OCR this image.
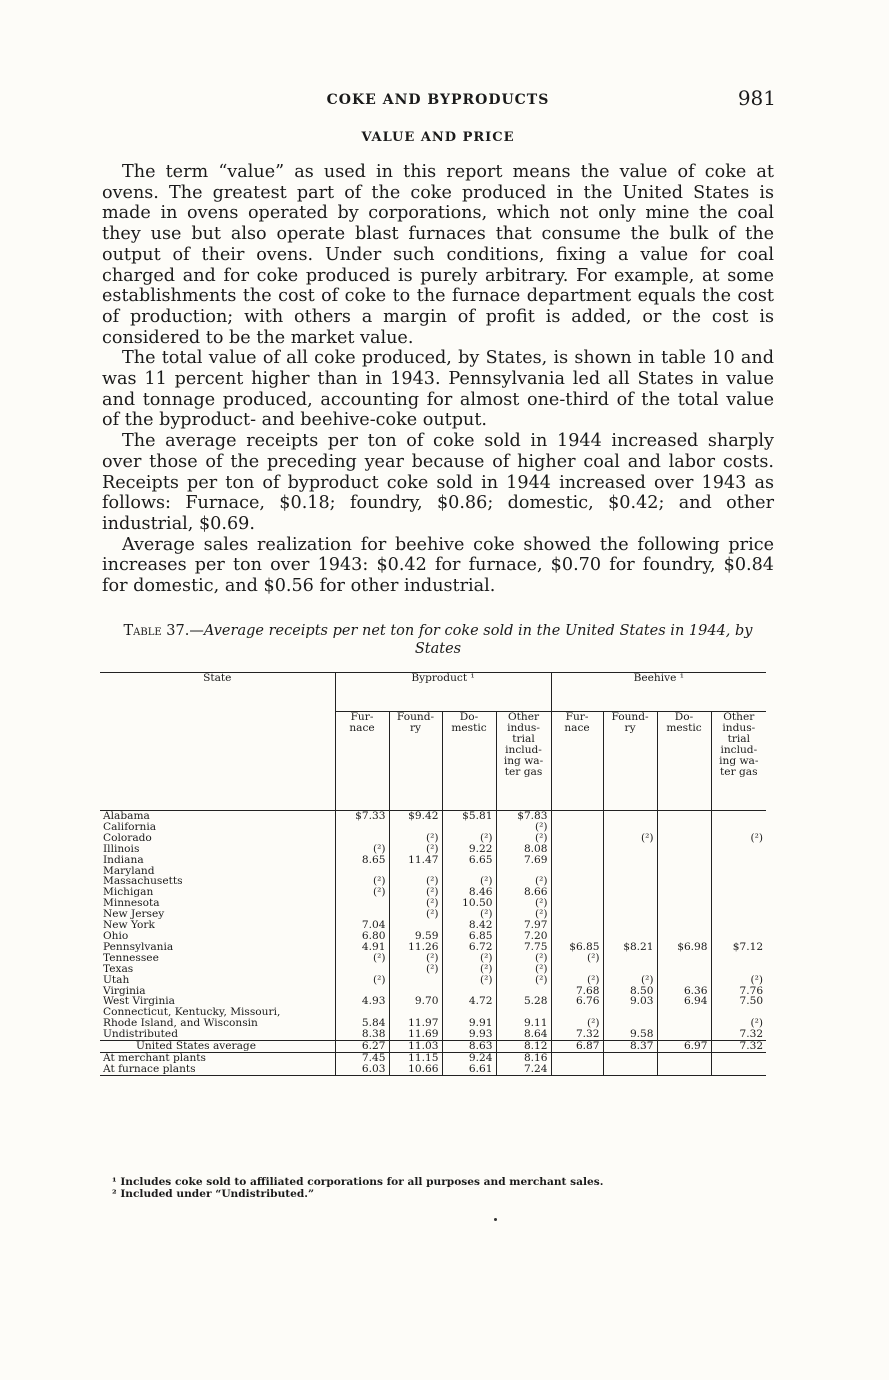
COKE AND BYPRODUCTS	981
VALUE AND PRICE

The term “value” as used in this report means the value of coke at ovens. The greatest part of the coke produced in the United States is made in ovens operated by corporations, which not only mine the coal they use but also operate blast furnaces that consume the bulk of the output of their ovens. Under such conditions, fixing a value for coal charged and for coke produced is purely arbitrary. For example, at some establishments the cost of coke to the furnace department equals the cost of production; with others a margin of profit is added, or the cost is considered to be the market value.

The total value of all coke produced, by States, is shown in table 10 and was 11 percent higher than in 1943. Pennsylvania led all States in value and tonnage produced, accounting for almost one-third of the total value of the byproduct- and beehive-coke output.

The average receipts per ton of coke sold in 1944 increased sharply over those of the preceding year because of higher coal and labor costs. Receipts per ton of byproduct coke sold in 1944 increased over 1943 as follows: Furnace, $0.18; foundry, $0.86; domestic, $0.42; and other industrial, $0.69.

Average sales realization for beehive coke showed the following price increases per ton over 1943: $0.42 for furnace, $0.70 for foundry, $0.84 for domestic, and $0.56 for other industrial.

Table 37.—Average receipts per net ton for coke sold in the United States in 1944, by States
State	Byproduct ¹				Beehive ¹			
	Fur-nace	Found-ry	Do-mestic	Other indus-trial includ-ing wa-ter gas	Fur-nace	Found-ry	Do-mestic	Other indus-trial includ-ing wa-ter gas
Alabama	$7.33	$9.42	$5.81	$7.83				
California				(²)				
Colorado		(²)	(²)	(²)		(²)		(²)
Illinois	(²)	(²)	9.22	8.08				
Indiana	8.65	11.47	6.65	7.69				
Maryland								
Massachusetts	(²)	(²)	(²)	(²)				
Michigan	(²)	(²)	8.46	8.66				
Minnesota		(²)	10.50	(²)				
New Jersey		(²)	(²)	(²)				
New York	7.04		8.42	7.97				
Ohio	6.80	9.59	6.85	7.20				
Pennsylvania	4.91	11.26	6.72	7.75	$6.85	$8.21	$6.98	$7.12
Tennessee	(²)	(²)	(²)	(²)	(²)			
Texas		(²)	(²)	(²)				
Utah	(²)		(²)	(²)	(²)	(²)		(²)
Virginia					7.68	8.50	6.36	7.76
West Virginia	4.93	9.70	4.72	5.28	6.76	9.03	6.94	7.50
Connecticut, Kentucky, Missouri,								
Rhode Island, and Wisconsin	5.84	11.97	9.91	9.11	(²)			(²)
Undistributed	8.38	11.69	9.93	8.64	7.32	9.58		7.32
United States average	6.27	11.03	8.63	8.12	6.87	8.37	6.97	7.32
At merchant plants	7.45	11.15	9.24	8.16				
At furnace plants	6.03	10.66	6.61	7.24				
¹ Includes coke sold to affiliated corporations for all purposes and merchant sales.
² Included under “Undistributed.”
